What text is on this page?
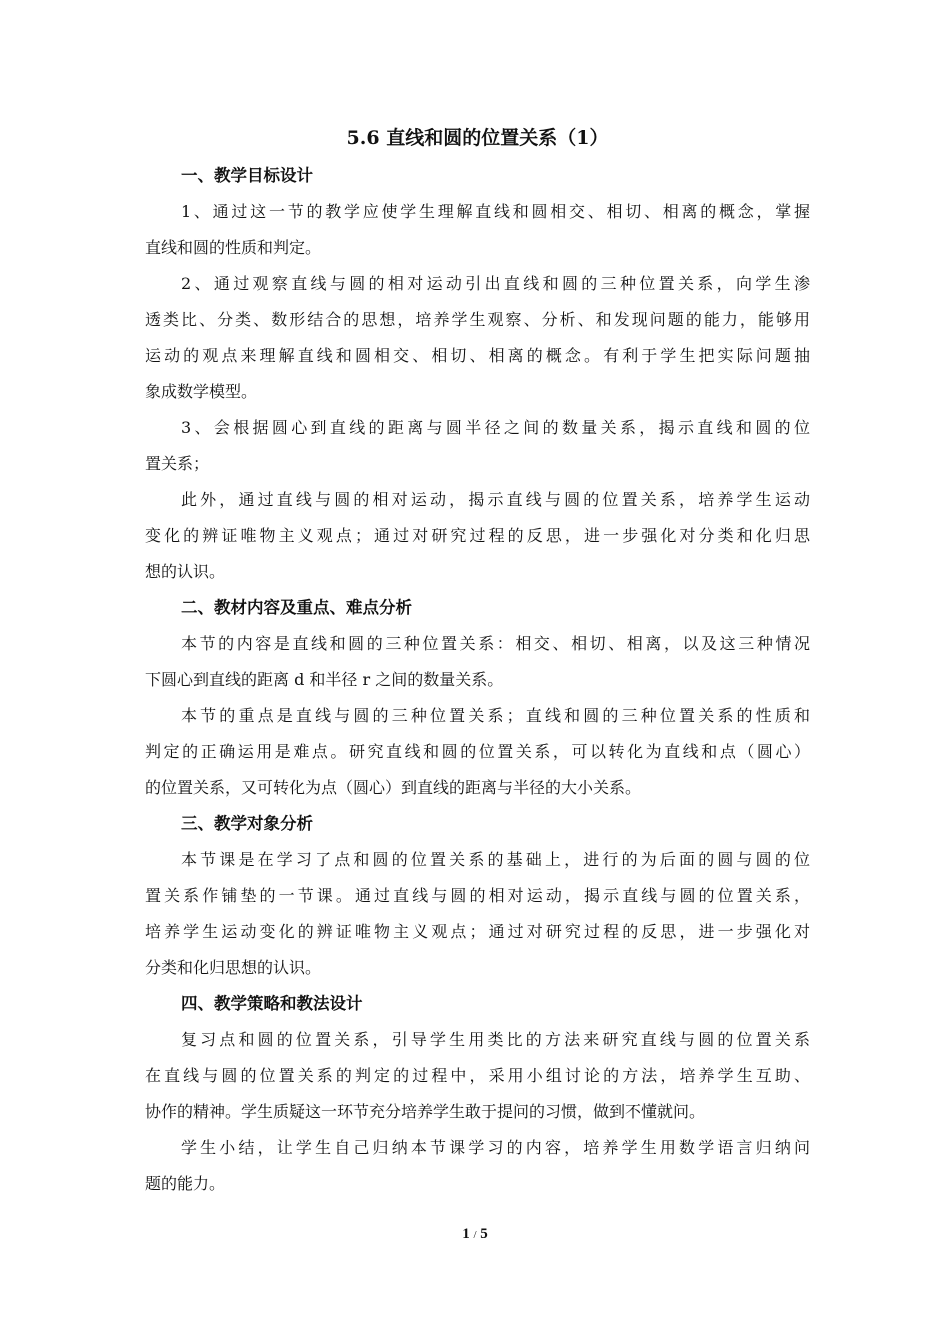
5.6 直线和圆的位置关系（1）
一、教学目标设计
1、通过这一节的教学应使学生理解直线和圆相交、相切、相离的概念，掌握
直线和圆的性质和判定。
2、通过观察直线与圆的相对运动引出直线和圆的三种位置关系，向学生渗
透类比、分类、数形结合的思想，培养学生观察、分析、和发现问题的能力，能够用
运动的观点来理解直线和圆相交、相切、相离的概念。有利于学生把实际问题抽
象成数学模型。
3、会根据圆心到直线的距离与圆半径之间的数量关系，揭示直线和圆的位
置关系；
此外，通过直线与圆的相对运动，揭示直线与圆的位置关系，培养学生运动
变化的辨证唯物主义观点；通过对研究过程的反思，进一步强化对分类和化归思
想的认识。
二、教材内容及重点、难点分析
本节的内容是直线和圆的三种位置关系：相交、相切、相离，以及这三种情况
下圆心到直线的距离 d 和半径 r 之间的数量关系。
本节的重点是直线与圆的三种位置关系；直线和圆的三种位置关系的性质和
判定的正确运用是难点。研究直线和圆的位置关系，可以转化为直线和点（圆心）
的位置关系，又可转化为点（圆心）到直线的距离与半径的大小关系。
三、教学对象分析
本节课是在学习了点和圆的位置关系的基础上，进行的为后面的圆与圆的位
置关系作铺垫的一节课。通过直线与圆的相对运动，揭示直线与圆的位置关系，
培养学生运动变化的辨证唯物主义观点；通过对研究过程的反思，进一步强化对
分类和化归思想的认识。
四、教学策略和教法设计
复习点和圆的位置关系，引导学生用类比的方法来研究直线与圆的位置关系
在直线与圆的位置关系的判定的过程中，采用小组讨论的方法，培养学生互助、
协作的精神。学生质疑这一环节充分培养学生敢于提问的习惯，做到不懂就问。
学生小结，让学生自己归纳本节课学习的内容，培养学生用数学语言归纳问
题的能力。
1 / 5
